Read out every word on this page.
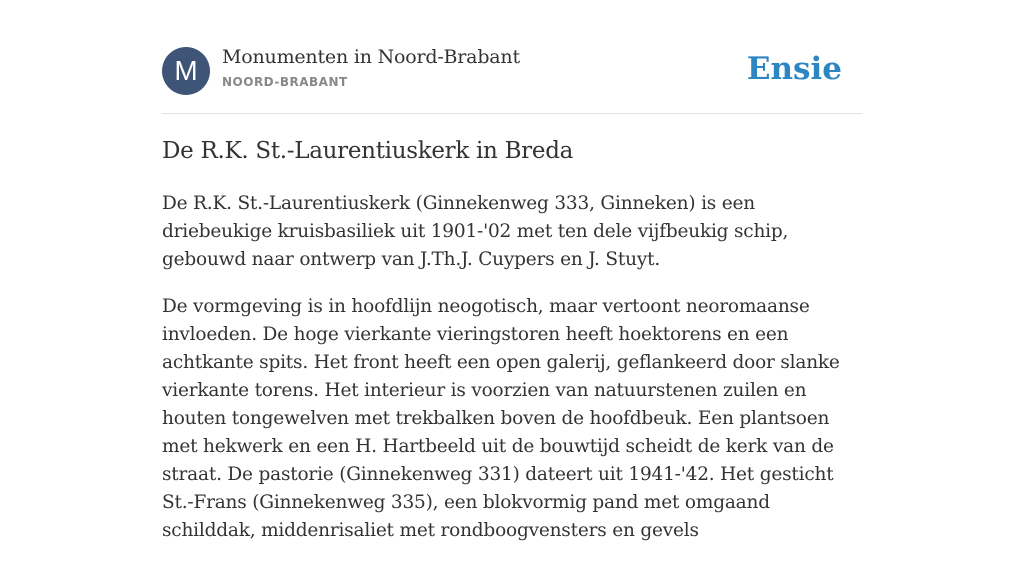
M	Monumenten in Noord-Brabant
NOORD-BRABANT	Ensie
De R.K. St.-Laurentiuskerk in Breda

De R.K. St.-Laurentiuskerk (Ginnekenweg 333, Ginneken) is een driebeukige kruisbasiliek uit 1901-'02 met ten dele vijfbeukig schip, gebouwd naar ontwerp van J.Th.J. Cuypers en J. Stuyt.

De vormgeving is in hoofdlijn neogotisch, maar vertoont neoromaanse invloeden. De hoge vierkante vieringstoren heeft hoektorens en een achtkante spits. Het front heeft een open galerij, geflankeerd door slanke vierkante torens. Het interieur is voorzien van natuurstenen zuilen en houten tongewelven met trekbalken boven de hoofdbeuk. Een plantsoen met hekwerk en een H. Hartbeeld uit de bouwtijd scheidt de kerk van de straat. De pastorie (Ginnekenweg 331) dateert uit 1941-'42. Het gesticht St.-Frans (Ginnekenweg 335), een blokvormig pand met omgaand schilddak, middenrisaliet met rondboogvensters en gevels
